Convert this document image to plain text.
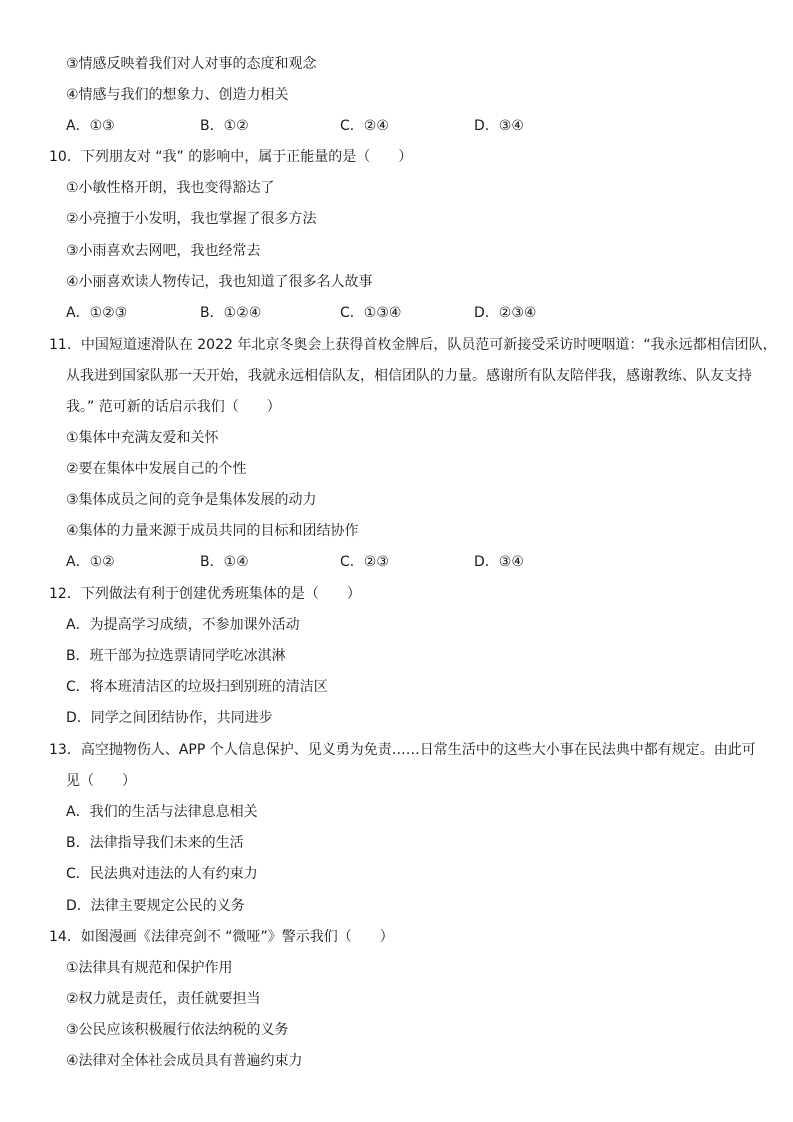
③情感反映着我们对人对事的态度和观念
④情感与我们的想象力、创造力相关
10．下列朋友对 “我” 的影响中，属于正能量的是（　　）
①小敏性格开朗，我也变得豁达了
②小亮擅于小发明，我也掌握了很多方法
③小雨喜欢去网吧，我也经常去
④小丽喜欢读人物传记，我也知道了很多名人故事
11．中国短道速滑队在 2022 年北京冬奥会上获得首枚金牌后，队员范可新接受采访时哽咽道：“我永远都相信团队，
从我进到国家队那一天开始，我就永远相信队友，相信团队的力量。感谢所有队友陪伴我，感谢教练、队友支持
我。” 范可新的话启示我们（　　）
①集体中充满友爱和关怀
②要在集体中发展自己的个性
③集体成员之间的竞争是集体发展的动力
④集体的力量来源于成员共同的目标和团结协作
12．下列做法有利于创建优秀班集体的是（　　）
A．为提高学习成绩，不参加课外活动
B．班干部为拉选票请同学吃冰淇淋
C．将本班清洁区的垃圾扫到别班的清洁区
D．同学之间团结协作，共同进步
13．高空抛物伤人、APP 个人信息保护、见义勇为免责……日常生活中的这些大小事在民法典中都有规定。由此可
见（　　）
A．我们的生活与法律息息相关
B．法律指导我们未来的生活
C．民法典对违法的人有约束力
D．法律主要规定公民的义务
14．如图漫画《法律亮剑不 “微哑”》警示我们（　　）
①法律具有规范和保护作用
②权力就是责任，责任就要担当
③公民应该积极履行依法纳税的义务
④法律对全体社会成员具有普遍约束力
A．①③	B．①②	C．②④	D．③④
A．①②③	B．①②④	C．①③④	D．②③④
A．①②	B．①④	C．②③	D．③④
